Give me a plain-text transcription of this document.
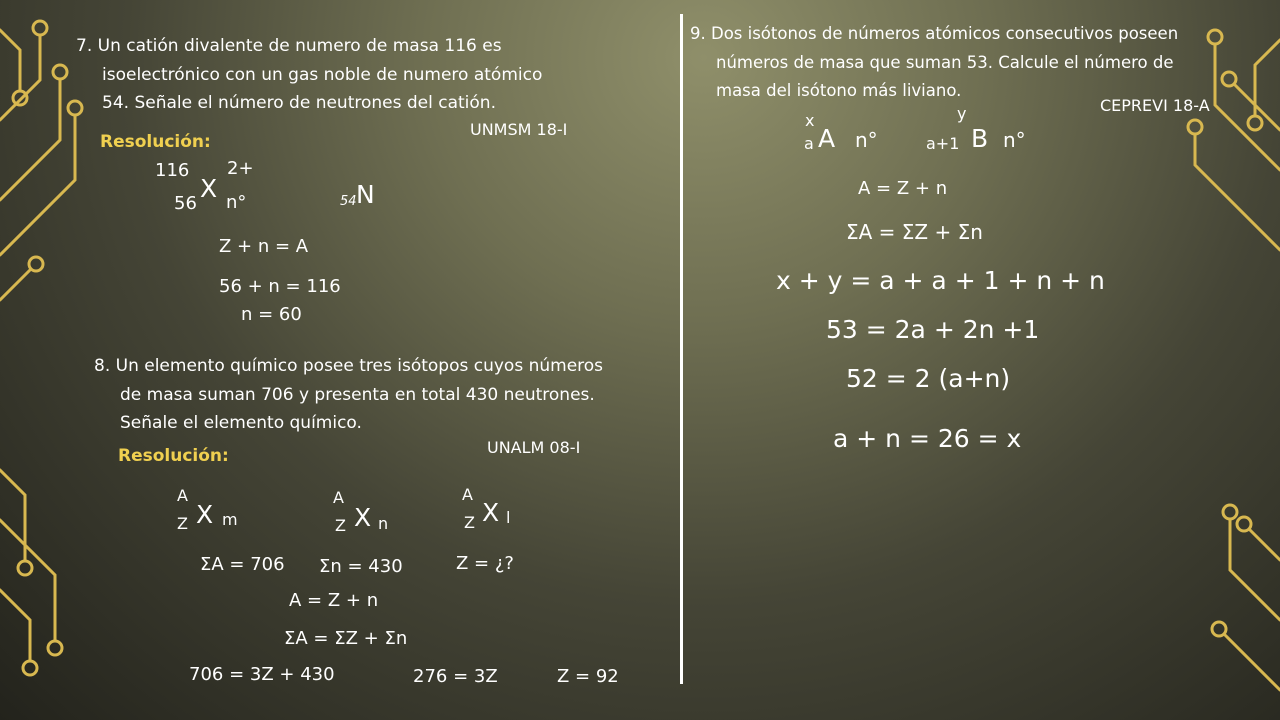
7. Un catión divalente de numero de masa 116 es
isoelectrónico con un gas noble de numero atómico
54. Señale el número de neutrones del catión.
UNMSM 18-I
Resolución:
116 2+
56
X n°	54 N
Z + n = A
56 + n = 116
n = 60
8. Un elemento químico posee tres isótopos cuyos números
de masa suman 706 y presenta en total 430 neutrones.
Señale el elemento químico.
UNALM 08-I
Resolución:
A
Z X m
A
Z X n
A
Z X l
ΣA = 706 Σn = 430	Z = ¿?
A = Z + n
ΣA = ΣZ + Σn
706 = 3Z + 430	276 = 3Z	Z = 92
9. Dos isótonos de números atómicos consecutivos poseen
números de masa que suman 53. Calcule el número de
masa del isótono más liviano.
CEPREVI 18-A
x
a A n°
y
a+1 B n°
A = Z + n
ΣA = ΣZ + Σn
x + y = a + a + 1 + n + n
53 = 2a + 2n +1
52 = 2 (a+n)
a + n = 26 = x
